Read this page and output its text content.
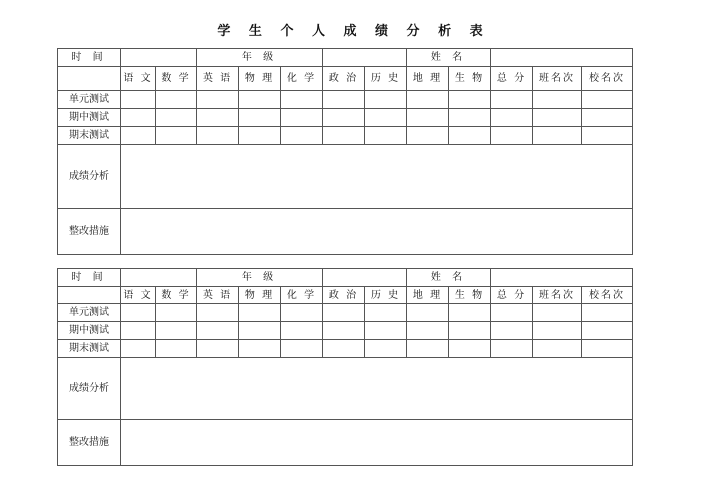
学 生 个 人 成 绩 分 析 表
时 间			年 级					姓 名				
	语 文	数 学	英 语	物 理	化 学	政 治	历 史	地 理	生 物	总 分	班名次	校名次
单元测试												
期中测试												
期末测试												
成绩分析												
整改措施												
时 间			年 级					姓 名				
	语 文	数 学	英 语	物 理	化 学	政 治	历 史	地 理	生 物	总 分	班名次	校名次
单元测试												
期中测试												
期末测试												
成绩分析												
整改措施												
